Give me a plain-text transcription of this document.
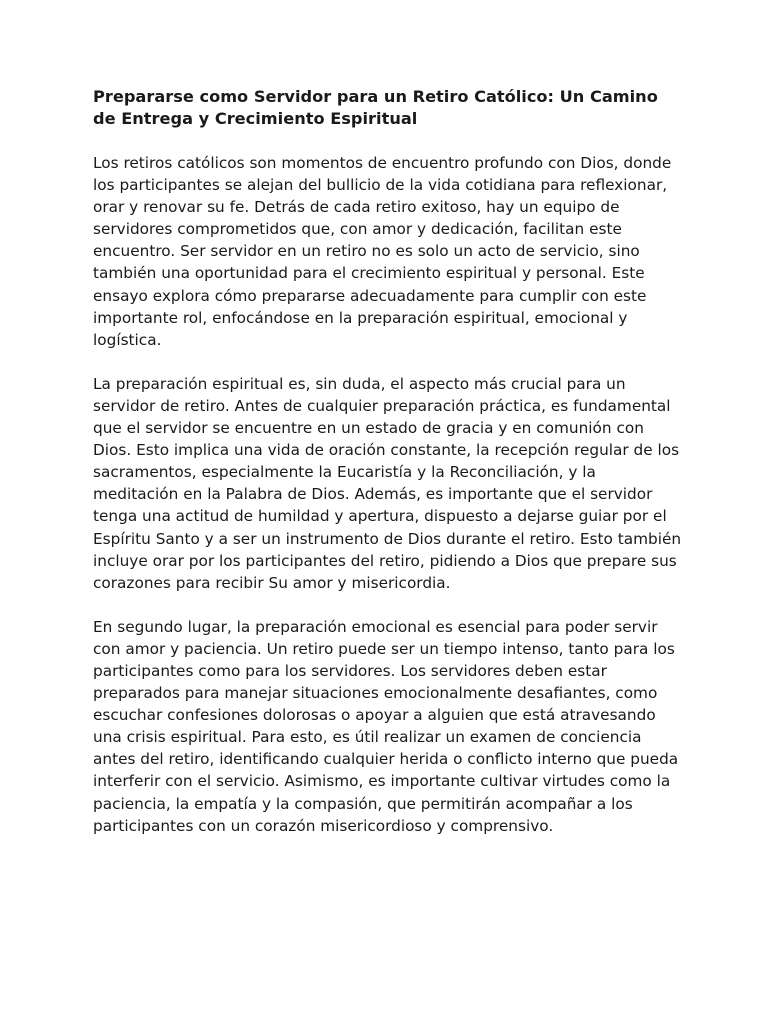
Prepararse como Servidor para un Retiro Católico: Un Camino de Entrega y Crecimiento Espiritual

Los retiros católicos son momentos de encuentro profundo con Dios, donde los participantes se alejan del bullicio de la vida cotidiana para reflexionar, orar y renovar su fe. Detrás de cada retiro exitoso, hay un equipo de servidores comprometidos que, con amor y dedicación, facilitan este encuentro. Ser servidor en un retiro no es solo un acto de servicio, sino también una oportunidad para el crecimiento espiritual y personal. Este ensayo explora cómo prepararse adecuadamente para cumplir con este importante rol, enfocándose en la preparación espiritual, emocional y logística.

La preparación espiritual es, sin duda, el aspecto más crucial para un servidor de retiro. Antes de cualquier preparación práctica, es fundamental que el servidor se encuentre en un estado de gracia y en comunión con Dios. Esto implica una vida de oración constante, la recepción regular de los sacramentos, especialmente la Eucaristía y la Reconciliación, y la meditación en la Palabra de Dios. Además, es importante que el servidor tenga una actitud de humildad y apertura, dispuesto a dejarse guiar por el Espíritu Santo y a ser un instrumento de Dios durante el retiro. Esto también incluye orar por los participantes del retiro, pidiendo a Dios que prepare sus corazones para recibir Su amor y misericordia.

En segundo lugar, la preparación emocional es esencial para poder servir con amor y paciencia. Un retiro puede ser un tiempo intenso, tanto para los participantes como para los servidores. Los servidores deben estar preparados para manejar situaciones emocionalmente desafiantes, como escuchar confesiones dolorosas o apoyar a alguien que está atravesando una crisis espiritual. Para esto, es útil realizar un examen de conciencia antes del retiro, identificando cualquier herida o conflicto interno que pueda interferir con el servicio. Asimismo, es importante cultivar virtudes como la paciencia, la empatía y la compasión, que permitirán acompañar a los participantes con un corazón misericordioso y comprensivo.
